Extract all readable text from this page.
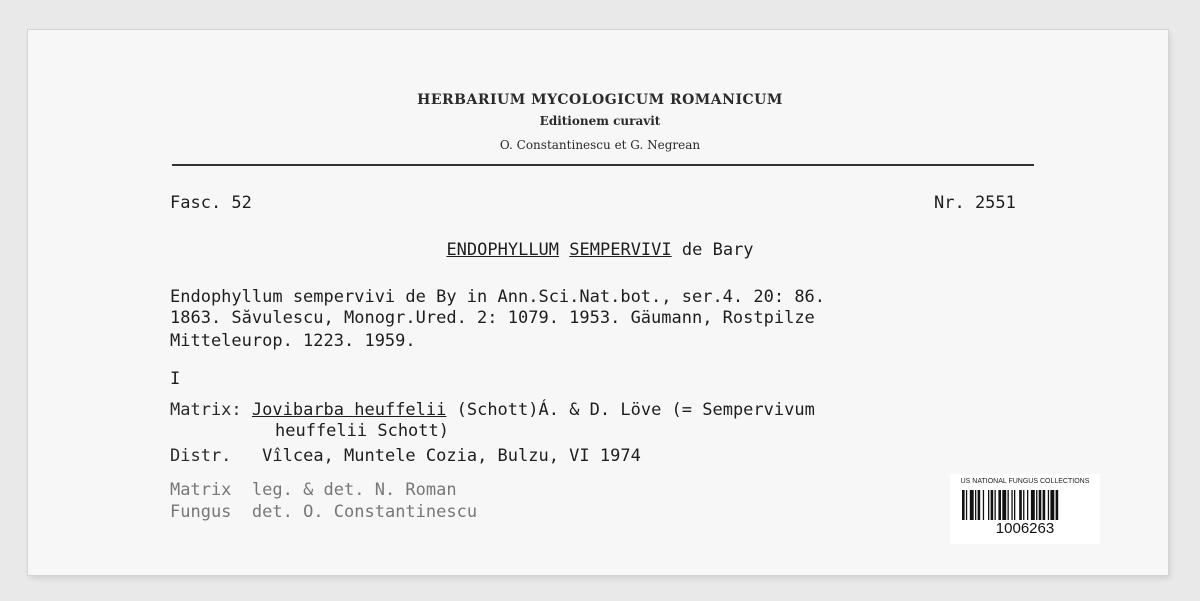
HERBARIUM MYCOLOGICUM ROMANICUM
Editionem curavit
O. Constantinescu et G. Negrean
Fasc. 52	Nr. 2551
ENDOPHYLLUM SEMPERVIVI de Bary
Endophyllum sempervivi de By in Ann.Sci.Nat.bot., ser.4. 20: 86.
1863. Săvulescu, Monogr.Ured. 2: 1079. 1953. Gäumann, Rostpilze
Mitteleurop. 1223. 1959.
I
Matrix: Jovibarba heuffelii (Schott)Á. & D. Löve (= Sempervivum
heuffelii Schott)
Distr. Vîlcea, Muntele Cozia, Bulzu, VI 1974
Matrix leg. & det. N. Roman
Fungus det. O. Constantinescu
US NATIONAL FUNGUS COLLECTIONS
1006263
